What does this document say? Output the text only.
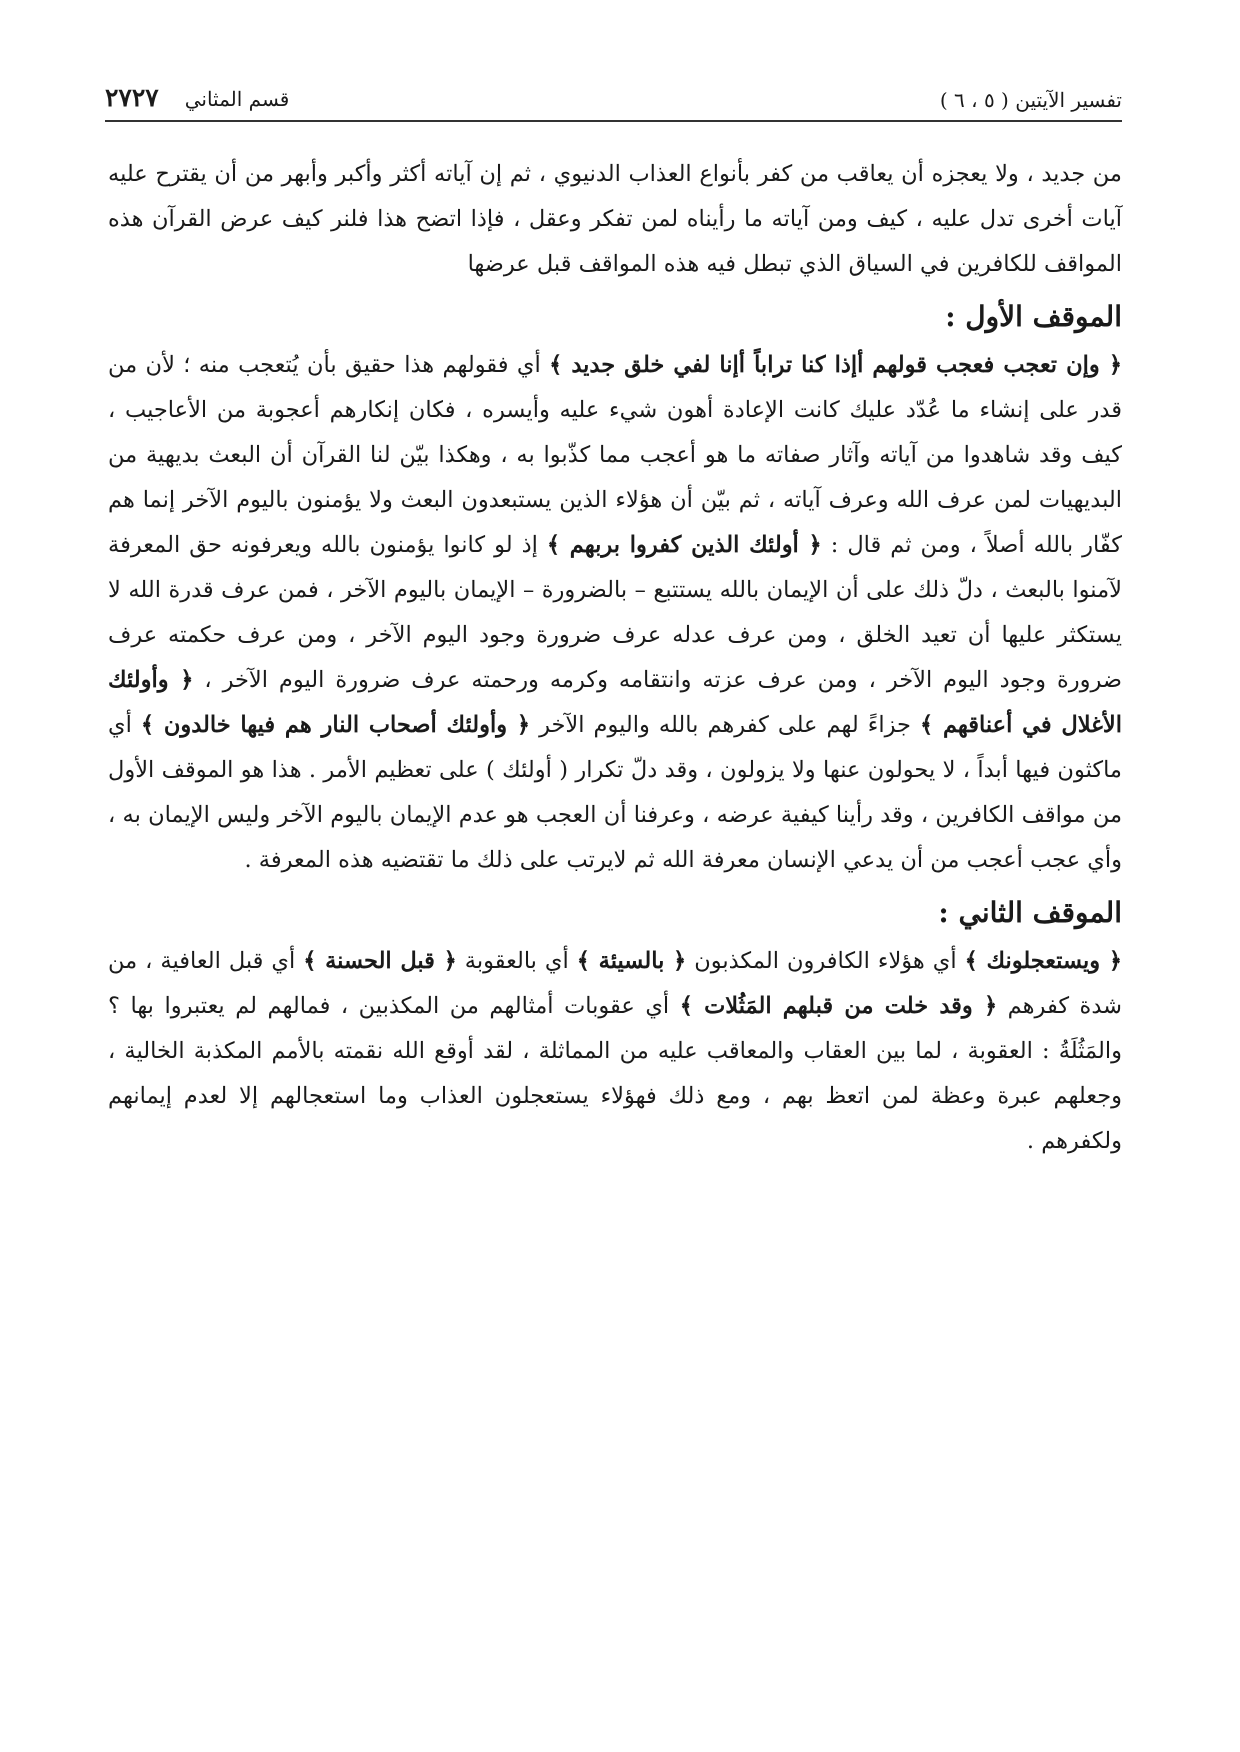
تفسير الآيتين ( ٥ ، ٦ )
قسم المثاني
٢٧٢٧

من جديد ، ولا يعجزه أن يعاقب من كفر بأنواع العذاب الدنيوي ، ثم إن آياته أكثر وأكبر وأبهر من أن يقترح عليه آيات أخرى تدل عليه ، كيف ومن آياته ما رأيناه لمن تفكر وعقل ، فإذا اتضح هذا فلنر كيف عرض القرآن هذه المواقف للكافرين في السياق الذي تبطل فيه هذه المواقف قبل عرضها

الموقف الأول :

﴿ وإن تعجب فعجب قولهم أإذا كنا تراباً أإنا لفي خلق جديد ﴾ أي فقولهم هذا حقيق بأن يُتعجب منه ؛ لأن من قدر على إنشاء ما عُدّد عليك كانت الإعادة أهون شيء عليه وأيسره ، فكان إنكارهم أعجوبة من الأعاجيب ، كيف وقد شاهدوا من آياته وآثار صفاته ما هو أعجب مما كذّبوا به ، وهكذا بيّن لنا القرآن أن البعث بديهية من البديهيات لمن عرف الله وعرف آياته ، ثم بيّن أن هؤلاء الذين يستبعدون البعث ولا يؤمنون باليوم الآخر إنما هم كفّار بالله أصلاً ، ومن ثم قال : ﴿ أولئك الذين كفروا بربهم ﴾ إذ لو كانوا يؤمنون بالله ويعرفونه حق المعرفة لآمنوا بالبعث ، دلّ ذلك على أن الإيمان بالله يستتبع – بالضرورة – الإيمان باليوم الآخر ، فمن عرف قدرة الله لا يستكثر عليها أن تعيد الخلق ، ومن عرف عدله عرف ضرورة وجود اليوم الآخر ، ومن عرف حكمته عرف ضرورة وجود اليوم الآخر ، ومن عرف عزته وانتقامه وكرمه ورحمته عرف ضرورة اليوم الآخر ، ﴿ وأولئك الأغلال في أعناقهم ﴾ جزاءً لهم على كفرهم بالله واليوم الآخر ﴿ وأولئك أصحاب النار هم فيها خالدون ﴾ أي ماكثون فيها أبداً ، لا يحولون عنها ولا يزولون ، وقد دلّ تكرار ( أولئك ) على تعظيم الأمر . هذا هو الموقف الأول من مواقف الكافرين ، وقد رأينا كيفية عرضه ، وعرفنا أن العجب هو عدم الإيمان باليوم الآخر وليس الإيمان به ، وأي عجب أعجب من أن يدعي الإنسان معرفة الله ثم لايرتب على ذلك ما تقتضيه هذه المعرفة .

الموقف الثاني :

﴿ ويستعجلونك ﴾ أي هؤلاء الكافرون المكذبون ﴿ بالسيئة ﴾ أي بالعقوبة ﴿ قبل الحسنة ﴾ أي قبل العافية ، من شدة كفرهم ﴿ وقد خلت من قبلهم المَثُلات ﴾ أي عقوبات أمثالهم من المكذبين ، فمالهم لم يعتبروا بها ؟ والمَثُلَةُ : العقوبة ، لما بين العقاب والمعاقب عليه من المماثلة ، لقد أوقع الله نقمته بالأمم المكذبة الخالية ، وجعلهم عبرة وعظة لمن اتعظ بهم ، ومع ذلك فهؤلاء يستعجلون العذاب وما استعجالهم إلا لعدم إيمانهم ولكفرهم .
